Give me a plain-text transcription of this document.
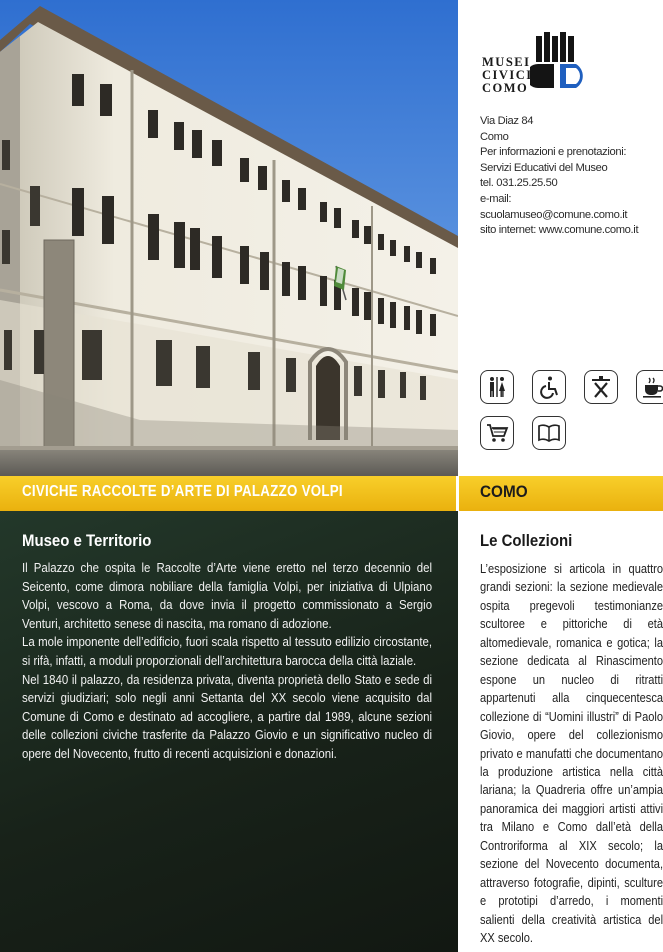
MUSEI
CIVICI
COMO
Via Diaz 84
Como
Per informazioni e prenotazioni:
Servizi Educativi del Museo
tel. 031.25.25.50
e-mail:
scuolamuseo@comune.como.it
sito internet: www.comune.como.it
CIVICHE RACCOLTE D’ARTE DI PALAZZO VOLPI	COMO
Museo e Territorio

Il Palazzo che ospita le Raccolte d’Arte viene eretto nel terzo decennio del Seicento, come dimora nobiliare della famiglia Volpi, per iniziativa di Ulpiano Volpi, vescovo a Roma, da dove invia il progetto commissionato a Sergio Venturi, architetto senese di nascita, ma romano di adozione.

La mole imponente dell’edificio, fuori scala rispetto al tessuto edilizio circostante, si rifà, infatti, a moduli proporzionali dell’architettura barocca della città laziale.

Nel 1840 il palazzo, da residenza privata, diventa proprietà dello Stato e sede di servizi giudiziari; solo negli anni Settanta del XX secolo viene acquisito dal Comune di Como e destinato ad accogliere, a partire dal 1989, alcune sezioni delle collezioni civiche trasferite da Palazzo Giovio e un significativo nucleo di opere del Novecento, frutto di recenti acquisizioni e donazioni.

Le Collezioni
L’esposizione si articola in quattro grandi sezioni: la sezione medievale ospita pregevoli testimonianze scultoree e pittoriche di età altomedievale, romanica e gotica; la sezione dedicata al Rinascimento espone un nucleo di ritratti appartenuti alla cinquecentesca collezione di “Uomini illustri” di Paolo Giovio, opere del collezionismo privato e manufatti che documentano la produzione artistica nella città lariana; la Quadreria offre un’ampia panoramica dei maggiori artisti attivi tra Milano e Como dall’età della Controriforma al XIX secolo; la sezione del Novecento documenta, attraverso fotografie, dipinti, sculture e prototipi d’arredo, i momenti salienti della creatività artistica del XX secolo.
